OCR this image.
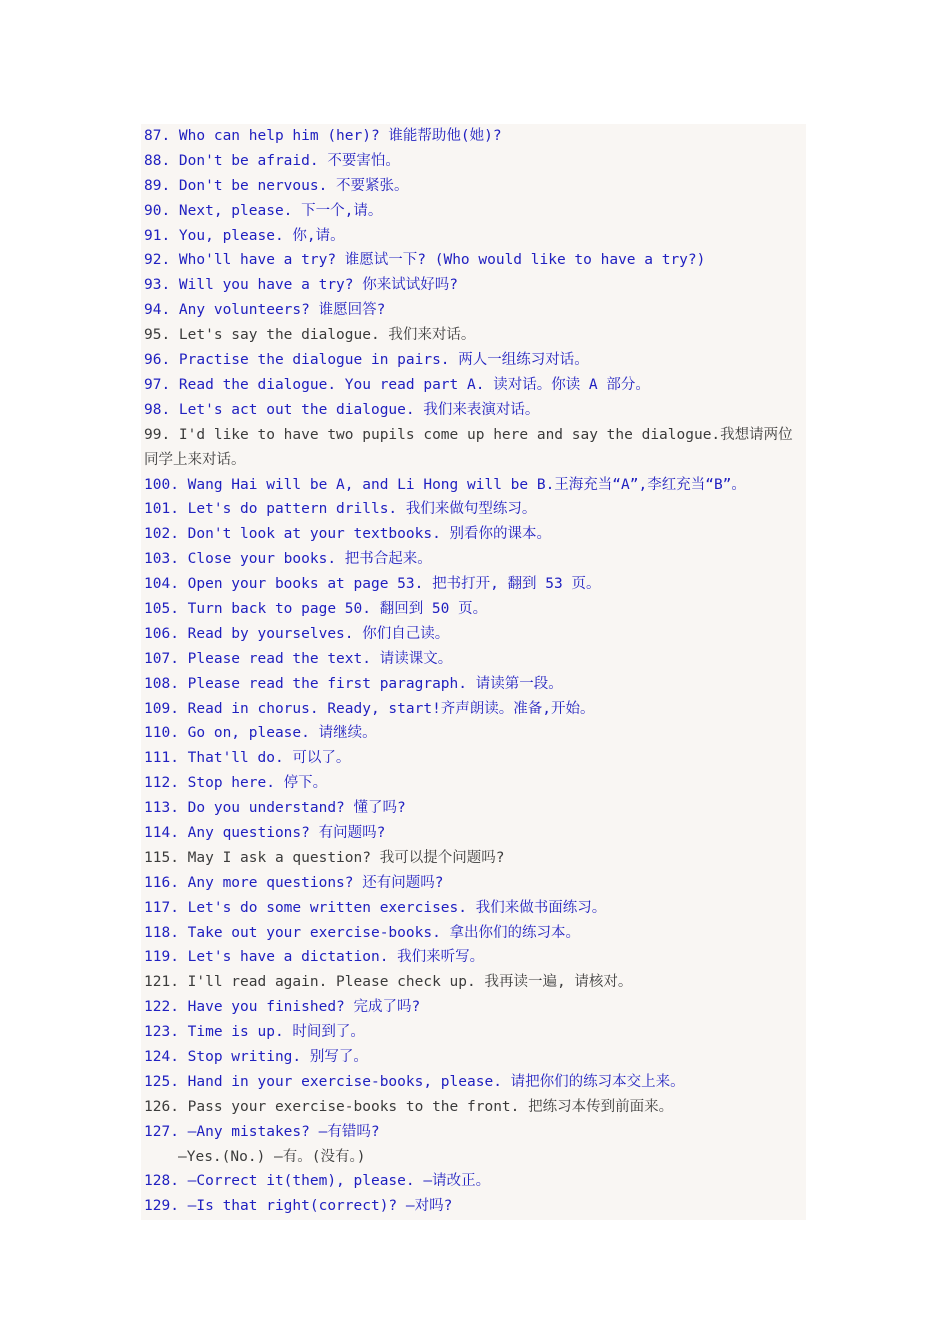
87. Who can help him (her)? 谁能帮助他(她)?
88. Don't be afraid. 不要害怕。
89. Don't be nervous. 不要紧张。
90. Next, please. 下一个,请。
91. You, please. 你,请。
92. Who'll have a try? 谁愿试一下? (Who would like to have a try?)
93. Will you have a try? 你来试试好吗?
94. Any volunteers? 谁愿回答?
95. Let's say the dialogue. 我们来对话。
96. Practise the dialogue in pairs. 两人一组练习对话。
97. Read the dialogue. You read part A. 读对话。你读 A 部分。
98. Let's act out the dialogue. 我们来表演对话。
99. I'd like to have two pupils come up here and say the dialogue.我想请两位同学上来对话。
100. Wang Hai will be A, and Li Hong will be B.王海充当“A”,李红充当“B”。
101. Let's do pattern drills. 我们来做句型练习。
102. Don't look at your textbooks. 别看你的课本。
103. Close your books. 把书合起来。
104. Open your books at page 53. 把书打开, 翻到 53 页。
105. Turn back to page 50. 翻回到 50 页。
106. Read by yourselves. 你们自己读。
107. Please read the text. 请读课文。
108. Please read the first paragraph. 请读第一段。
109. Read in chorus. Ready, start!齐声朗读。准备,开始。
110. Go on, please. 请继续。
111. That'll do. 可以了。
112. Stop here. 停下。
113. Do you understand? 懂了吗?
114. Any questions? 有问题吗?
115. May I ask a question? 我可以提个问题吗?
116. Any more questions? 还有问题吗?
117. Let's do some written exercises. 我们来做书面练习。
118. Take out your exercise-books. 拿出你们的练习本。
119. Let's have a dictation. 我们来听写。
121. I'll read again. Please check up. 我再读一遍, 请核对。
122. Have you finished? 完成了吗?
123. Time is up. 时间到了。
124. Stop writing. 别写了。
125. Hand in your exercise-books, please. 请把你们的练习本交上来。
126. Pass your exercise-books to the front. 把练习本传到前面来。
127. —Any mistakes? —有错吗?
—Yes.(No.) —有。(没有。)
128. —Correct it(them), please. —请改正。
129. —Is that right(correct)? —对吗?
